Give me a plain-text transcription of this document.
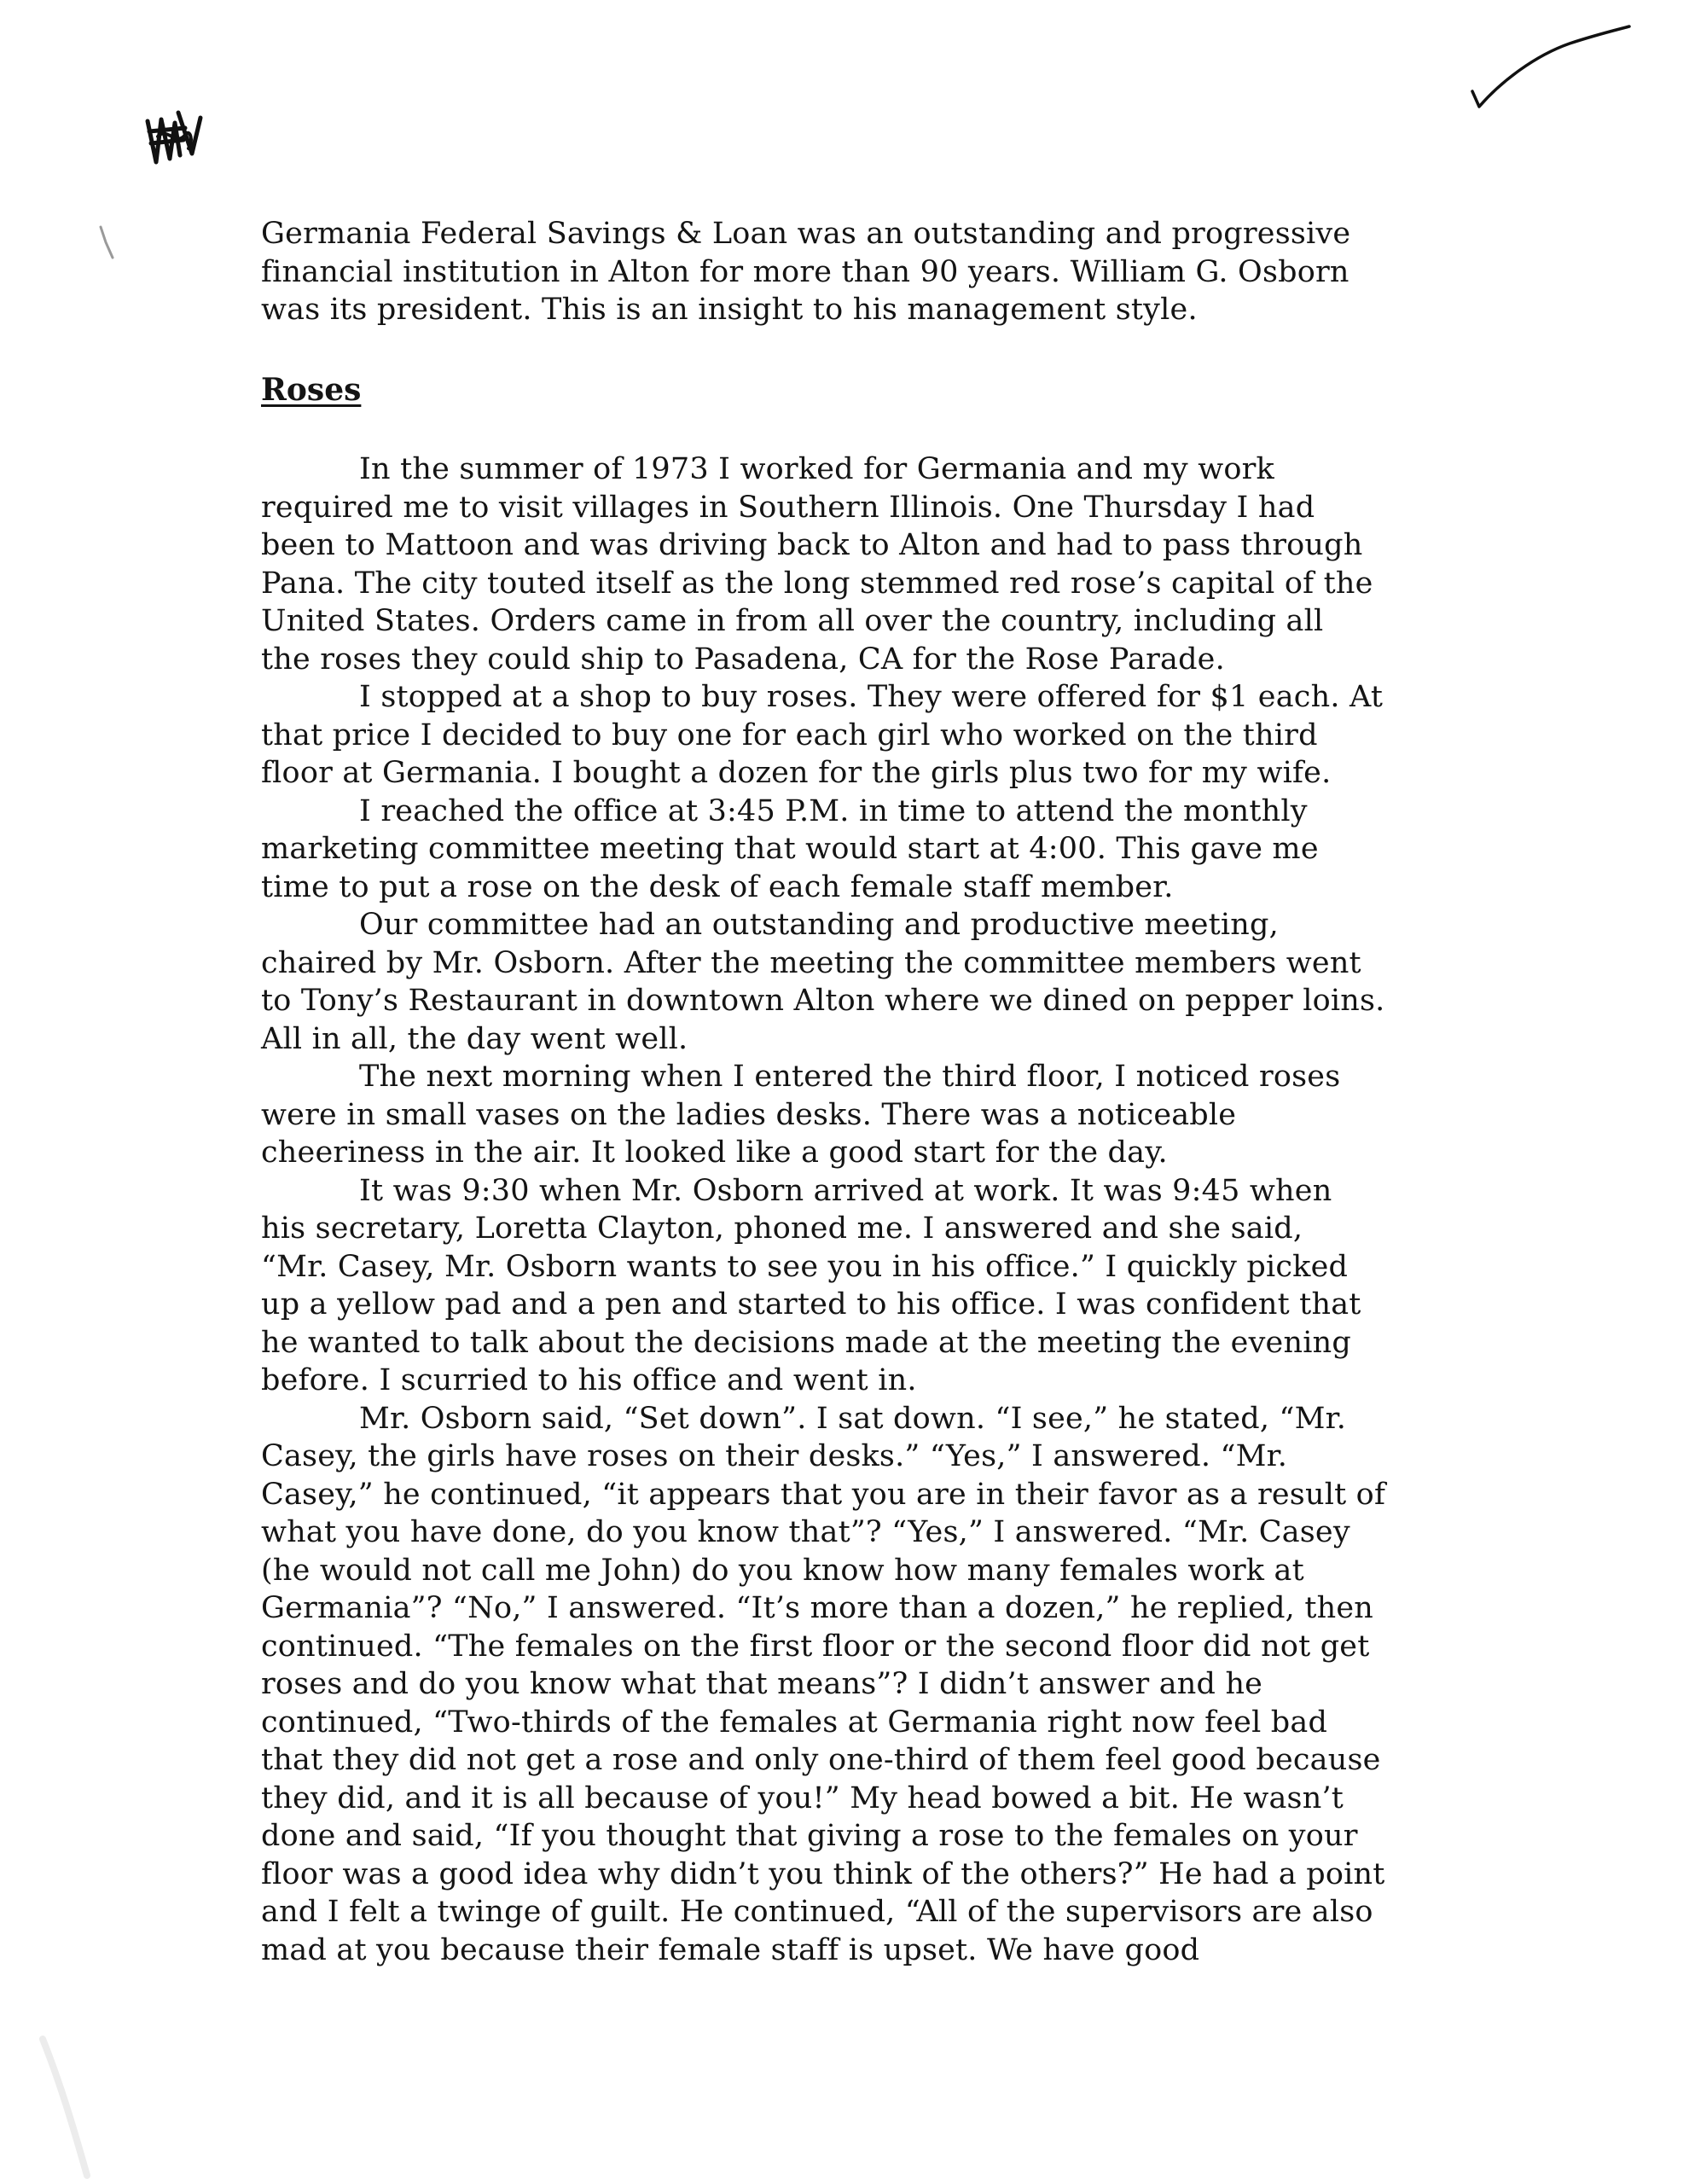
Germania Federal Savings & Loan was an outstanding and progressive
financial institution in Alton for more than 90 years. William G. Osborn
was its president. This is an insight to his management style.
Roses
In the summer of 1973 I worked for Germania and my work
required me to visit villages in Southern Illinois. One Thursday I had
been to Mattoon and was driving back to Alton and had to pass through
Pana. The city touted itself as the long stemmed red rose’s capital of the
United States. Orders came in from all over the country, including all
the roses they could ship to Pasadena, CA for the Rose Parade.
I stopped at a shop to buy roses. They were offered for $1 each. At
that price I decided to buy one for each girl who worked on the third
floor at Germania. I bought a dozen for the girls plus two for my wife.
I reached the office at 3:45 P.M. in time to attend the monthly
marketing committee meeting that would start at 4:00. This gave me
time to put a rose on the desk of each female staff member.
Our committee had an outstanding and productive meeting,
chaired by Mr. Osborn. After the meeting the committee members went
to Tony’s Restaurant in downtown Alton where we dined on pepper loins.
All in all, the day went well.
The next morning when I entered the third floor, I noticed roses
were in small vases on the ladies desks. There was a noticeable
cheeriness in the air. It looked like a good start for the day.
It was 9:30 when Mr. Osborn arrived at work. It was 9:45 when
his secretary, Loretta Clayton, phoned me. I answered and she said,
“Mr. Casey, Mr. Osborn wants to see you in his office.” I quickly picked
up a yellow pad and a pen and started to his office. I was confident that
he wanted to talk about the decisions made at the meeting the evening
before. I scurried to his office and went in.
Mr. Osborn said, “Set down”. I sat down. “I see,” he stated, “Mr.
Casey, the girls have roses on their desks.” “Yes,” I answered. “Mr.
Casey,” he continued, “it appears that you are in their favor as a result of
what you have done, do you know that”? “Yes,” I answered. “Mr. Casey
(he would not call me John) do you know how many females work at
Germania”? “No,” I answered. “It’s more than a dozen,” he replied, then
continued. “The females on the first floor or the second floor did not get
roses and do you know what that means”? I didn’t answer and he
continued, “Two-thirds of the females at Germania right now feel bad
that they did not get a rose and only one-third of them feel good because
they did, and it is all because of you!” My head bowed a bit. He wasn’t
done and said, “If you thought that giving a rose to the females on your
floor was a good idea why didn’t you think of the others?” He had a point
and I felt a twinge of guilt. He continued, “All of the supervisors are also
mad at you because their female staff is upset. We have good
